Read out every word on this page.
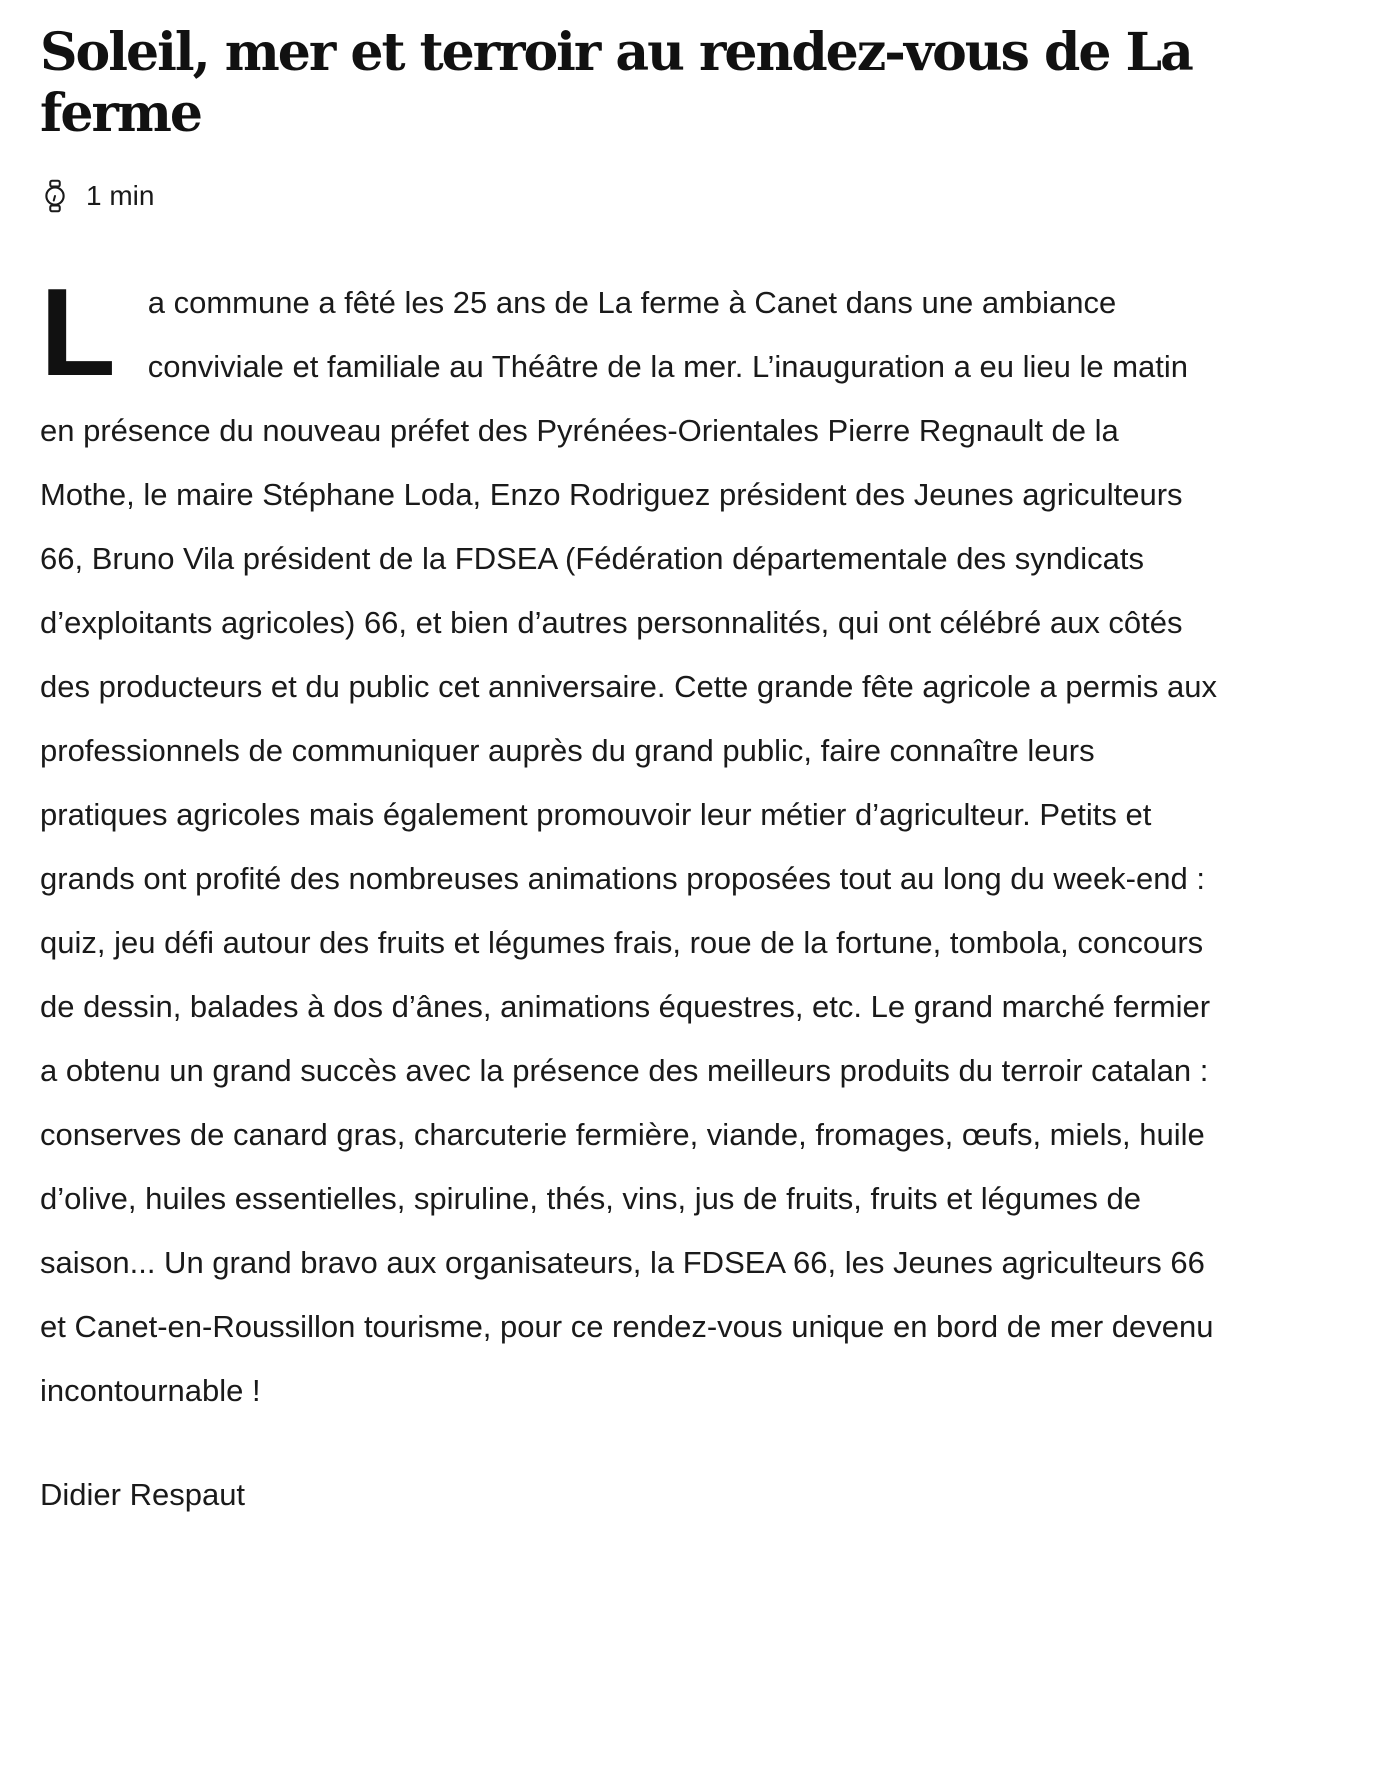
Soleil, mer et terroir au rendez-vous de La ferme
1 min

L a commune a fêté les 25 ans de La ferme à Canet dans une ambiance conviviale et familiale au Théâtre de la mer. L’inauguration a eu lieu le matin en présence du nouveau préfet des Pyrénées-Orientales Pierre Regnault de la Mothe, le maire Stéphane Loda, Enzo Rodriguez président des Jeunes agriculteurs 66, Bruno Vila président de la FDSEA (Fédération départementale des syndicats d’exploitants agricoles) 66, et bien d’autres personnalités, qui ont célébré aux côtés des producteurs et du public cet anniversaire. Cette grande fête agricole a permis aux professionnels de communiquer auprès du grand public, faire connaître leurs pratiques agricoles mais également promouvoir leur métier d’agriculteur. Petits et grands ont profité des nombreuses animations proposées tout au long du week-end : quiz, jeu défi autour des fruits et légumes frais, roue de la fortune, tombola, concours de dessin, balades à dos d’ânes, animations équestres, etc. Le grand marché fermier a obtenu un grand succès avec la présence des meilleurs produits du terroir catalan : conserves de canard gras, charcuterie fermière, viande, fromages, œufs, miels, huile d’olive, huiles essentielles, spiruline, thés, vins, jus de fruits, fruits et légumes de saison... Un grand bravo aux organisateurs, la FDSEA 66, les Jeunes agriculteurs 66 et Canet-en-Roussillon tourisme, pour ce rendez-vous unique en bord de mer devenu incontournable !

Didier Respaut
